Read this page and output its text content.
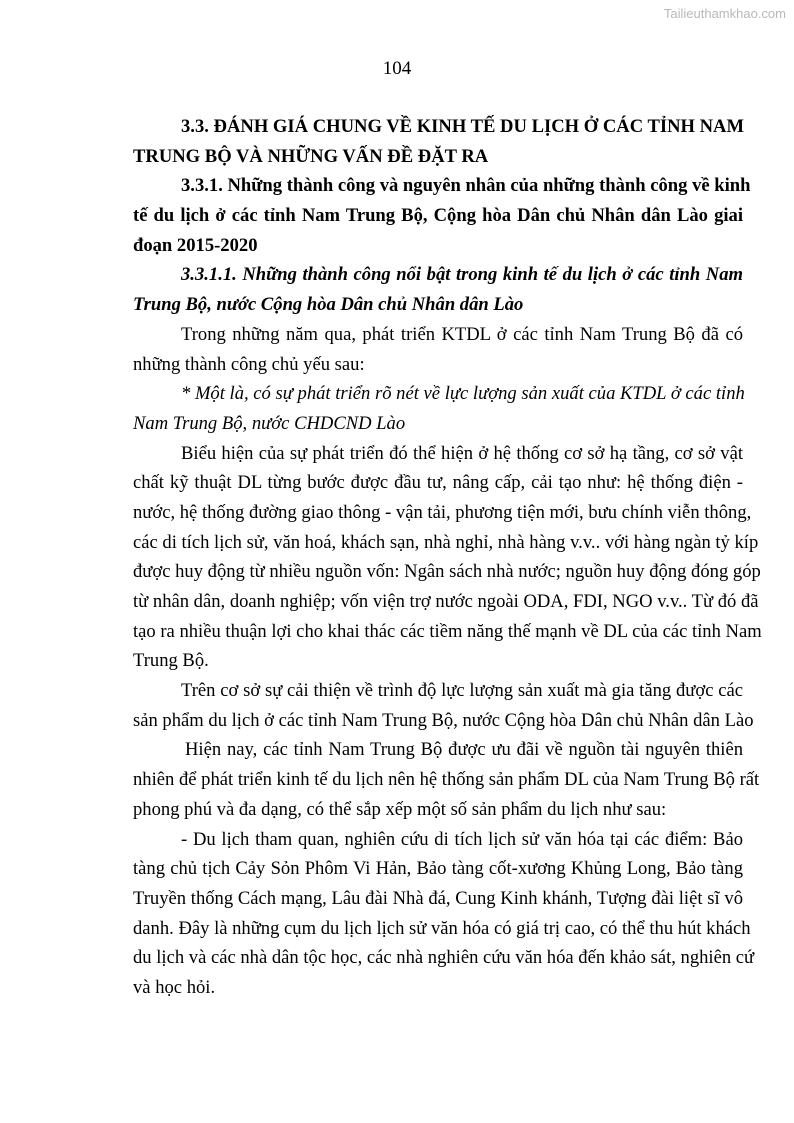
Tailieuthamkhao.com
104
3.3. ĐÁNH GIÁ CHUNG VỀ KINH TẾ DU LỊCH Ở CÁC TỈNH NAM
TRUNG BỘ VÀ NHỮNG VẤN ĐỀ ĐẶT RA
3.3.1. Những thành công và nguyên nhân của những thành công về kinh
tế du lịch ở các tỉnh Nam Trung Bộ, Cộng hòa Dân chủ Nhân dân Lào giai
đoạn 2015-2020
3.3.1.1. Những thành công nổi bật trong kinh tế du lịch ở các tỉnh Nam
Trung Bộ, nước Cộng hòa Dân chủ Nhân dân Lào
Trong những năm qua, phát triển KTDL ở các tỉnh Nam Trung Bộ đã có
những thành công chủ yếu sau:
* Một là, có sự phát triển rõ nét về lực lượng sản xuất của KTDL ở các tỉnh
Nam Trung Bộ, nước CHDCND Lào
Biểu hiện của sự phát triển đó thể hiện ở hệ thống cơ sở hạ tầng, cơ sở vật
chất kỹ thuật DL từng bước được đầu tư, nâng cấp, cải tạo như: hệ thống điện -
nước, hệ thống đường giao thông - vận tải, phương tiện mới, bưu chính viễn thông,
các di tích lịch sử, văn hoá, khách sạn, nhà nghỉ, nhà hàng v.v.. với hàng ngàn tỷ kíp
được huy động từ nhiều nguồn vốn: Ngân sách nhà nước; nguồn huy động đóng góp
từ nhân dân, doanh nghiệp; vốn viện trợ nước ngoài ODA, FDI, NGO v.v.. Từ đó đã
tạo ra nhiều thuận lợi cho khai thác các tiềm năng thế mạnh về DL của các tỉnh Nam
Trung Bộ.
Trên cơ sở sự cải thiện về trình độ lực lượng sản xuất mà gia tăng được các
sản phẩm du lịch ở các tỉnh Nam Trung Bộ, nước Cộng hòa Dân chủ Nhân dân Lào
Hiện nay, các tỉnh Nam Trung Bộ được ưu đãi về nguồn tài nguyên thiên
nhiên để phát triển kinh tế du lịch nên hệ thống sản phẩm DL của Nam Trung Bộ rất
phong phú và đa dạng, có thể sắp xếp một số sản phẩm du lịch như sau:
- Du lịch tham quan, nghiên cứu di tích lịch sử văn hóa tại các điểm: Bảo
tàng chủ tịch Cảy Sỏn Phôm Vi Hản, Bảo tàng cốt-xương Khủng Long, Bảo tàng
Truyền thống Cách mạng, Lâu đài Nhà đá, Cung Kinh khánh, Tượng đài liệt sĩ vô
danh. Đây là những cụm du lịch lịch sử văn hóa có giá trị cao, có thể thu hút khách
du lịch và các nhà dân tộc học, các nhà nghiên cứu văn hóa đến khảo sát, nghiên cứ
và học hỏi.
